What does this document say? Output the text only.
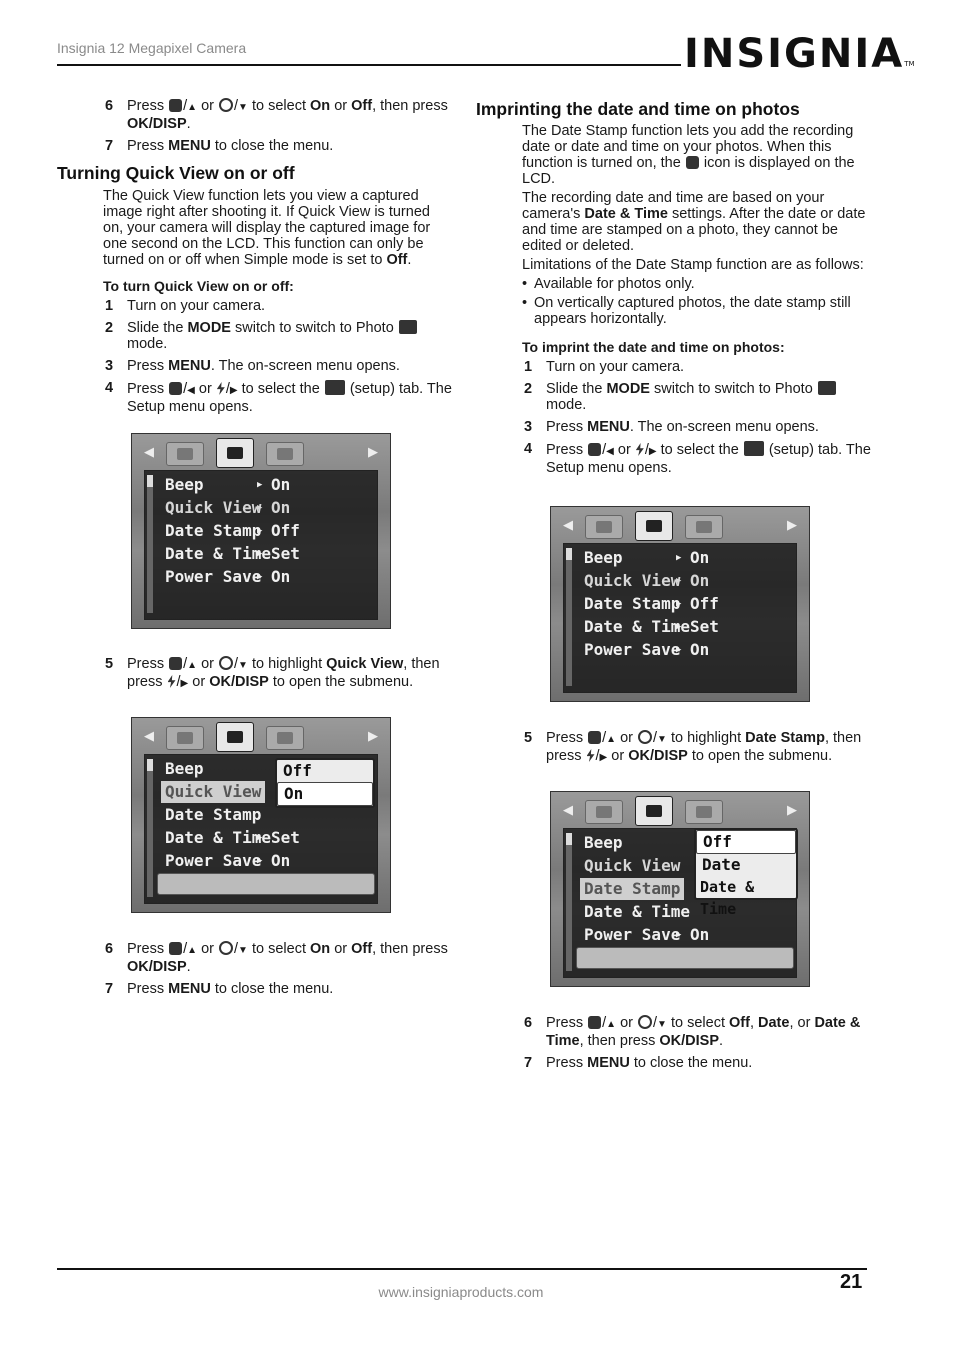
Insignia 12 Megapixel Camera	INSIGNIA™
6 Press /▲ or /▼ to select On or Off, then press OK/DISP.
7 Press MENU to close the menu.
Turning Quick View on or off

The Quick View function lets you view a captured image right after shooting it. If Quick View is turned on, your camera will display the captured image for one second on the LCD. This function can only be turned on or off when Simple mode is set to Off.

To turn Quick View on or off:
1 Turn on your camera.
2 Slide the MODE switch to switch to Photo  mode.
3 Press MENU. The on-screen menu opens.
4 Press /◀ or /▶ to select the (setup) tab. The Setup menu opens.
◀	▶
Beep	▶ On
Quick View ▶ On
Date Stamp ▶ Off
Date & Time ▶ Set
Power Save ▶ On
5 Press /▲ or /▼ to highlight Quick View, then press /▶ or OK/DISP to open the submenu.
◀	▶
Beep
Quick View
Date Stamp
Date & Time ▶ Set
Power Save ▶ On
Off
On
6 Press /▲ or /▼ to select On or Off, then press OK/DISP.
7 Press MENU to close the menu.
Imprinting the date and time on photos

The Date Stamp function lets you add the recording date or date and time on your photos. When this function is turned on, the icon is displayed on the LCD.

The recording date and time are based on your camera's Date & Time settings. After the date or date and time are stamped on a photo, they cannot be edited or deleted.

Limitations of the Date Stamp function are as follows:

• Available for photos only.
• On vertically captured photos, the date stamp still appears horizontally.
To imprint the date and time on photos:
1 Turn on your camera.
2 Slide the MODE switch to switch to Photo  mode.
3 Press MENU. The on-screen menu opens.
4 Press /◀ or /▶ to select the (setup) tab. The Setup menu opens.
◀	▶
Beep	▶ On
Quick View ▶ On
Date Stamp ▶ Off
Date & Time ▶ Set
Power Save ▶ On
5 Press /▲ or /▼ to highlight Date Stamp, then press /▶ or OK/DISP to open the submenu.
◀	▶
Beep
Quick View
Date Stamp
Date & Time
Power Save ▶ On
Off
Date
Date & Time
6 Press /▲ or /▼ to select Off, Date, or Date & Time, then press OK/DISP.
7 Press MENU to close the menu.
www.insigniaproducts.com	21
